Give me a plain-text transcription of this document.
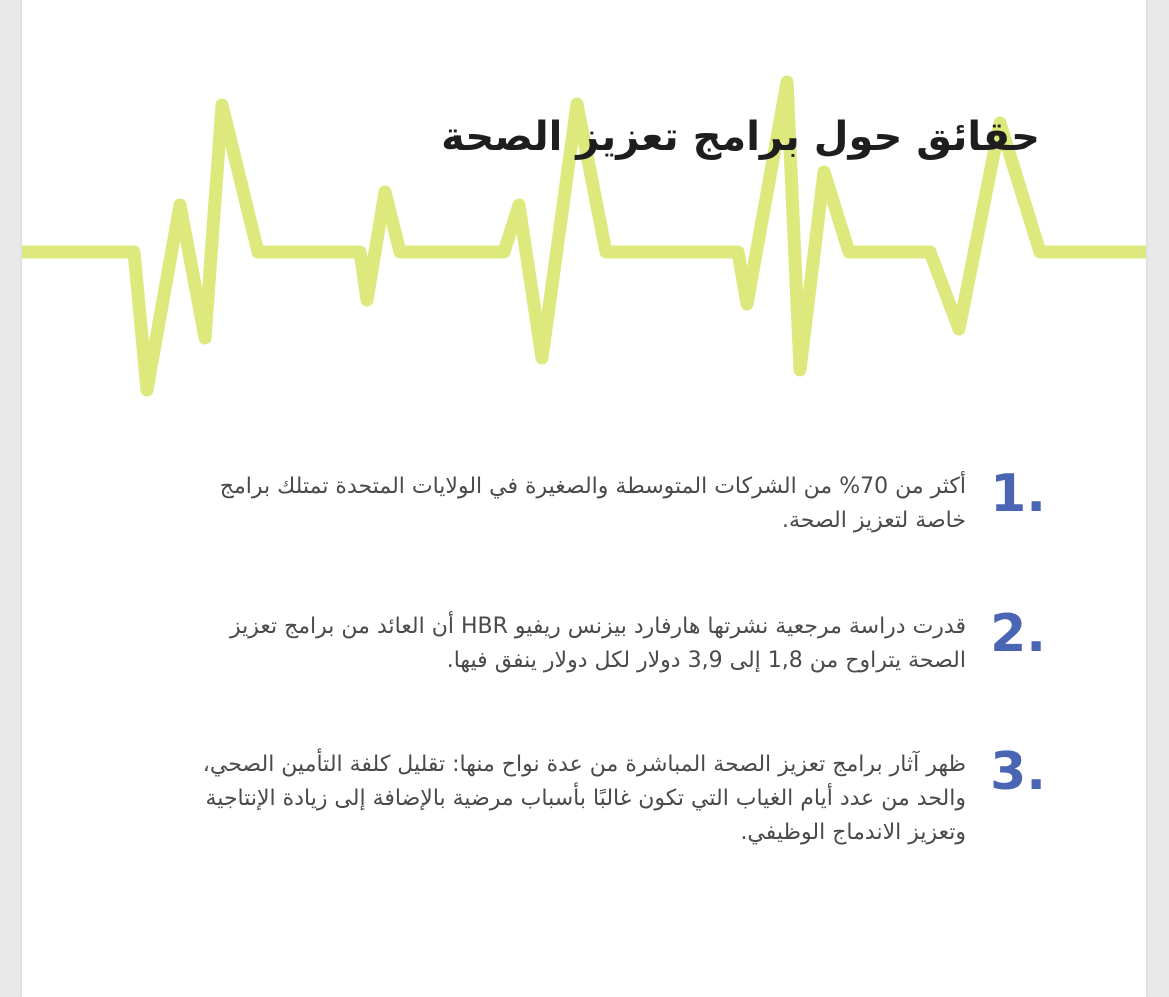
حقائق حول برامج تعزيز الصحة
1.

أكثر من 70% من الشركات المتوسطة والصغيرة في الولايات المتحدة تمتلك برامج خاصة لتعزيز الصحة.

2.

قدرت دراسة مرجعية نشرتها هارفارد بيزنس ريفيو HBR أن العائد من برامج تعزيز الصحة يتراوح من 1,8 إلى 3,9 دولار لكل دولار ينفق فيها.

3.

ظهر آثار برامج تعزيز الصحة المباشرة من عدة نواح منها: تقليل كلفة التأمين الصحي، والحد من عدد أيام الغياب التي تكون غالبًا بأسباب مرضية بالإضافة إلى زيادة الإنتاجية وتعزيز الاندماج الوظيفي.
